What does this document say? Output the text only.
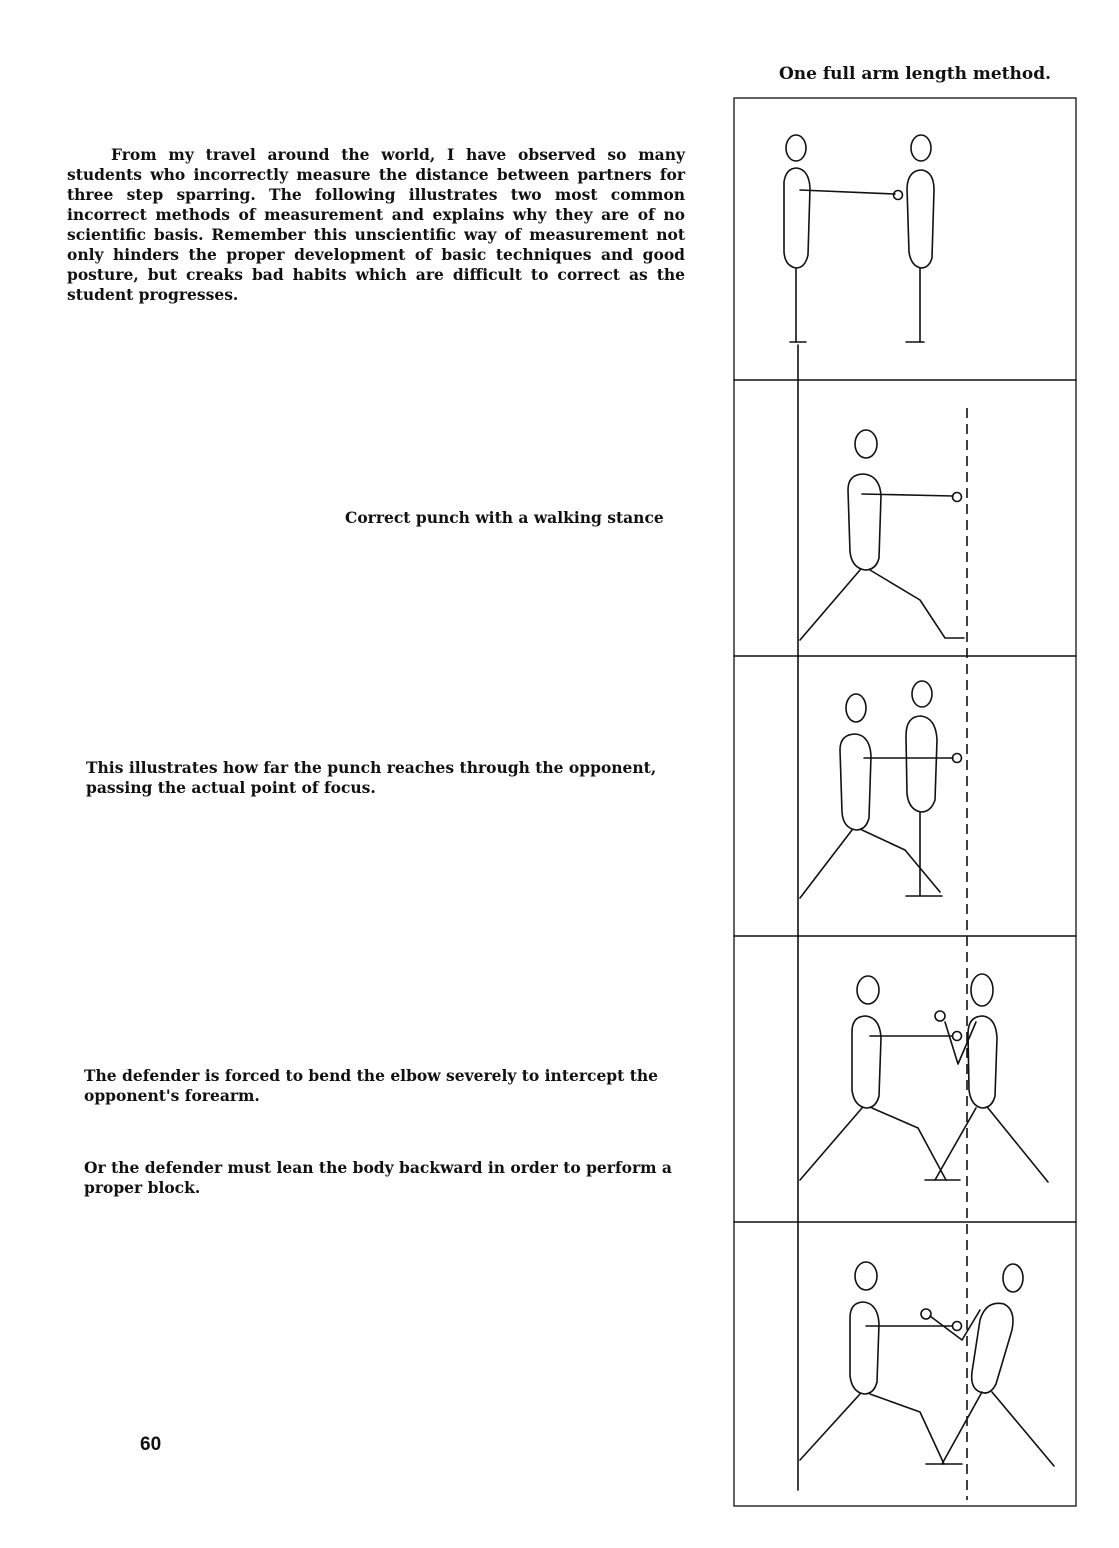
One full arm length method.

From my travel around the world, I have observed so many students who incorrectly measure the distance between partners for three step sparring. The following illustrates two most common incorrect methods of measurement and explains why they are of no scientific basis. Remember this unscientific way of measurement not only hinders the proper development of basic techniques and good posture, but creaks bad habits which are difficult to correct as the student progresses.

Correct punch with a walking stance

This illustrates how far the punch reaches through the opponent, passing the actual point of focus.

The defender is forced to bend the elbow severely to intercept the opponent's forearm.

Or the defender must lean the body backward in order to perform a proper block.

60
